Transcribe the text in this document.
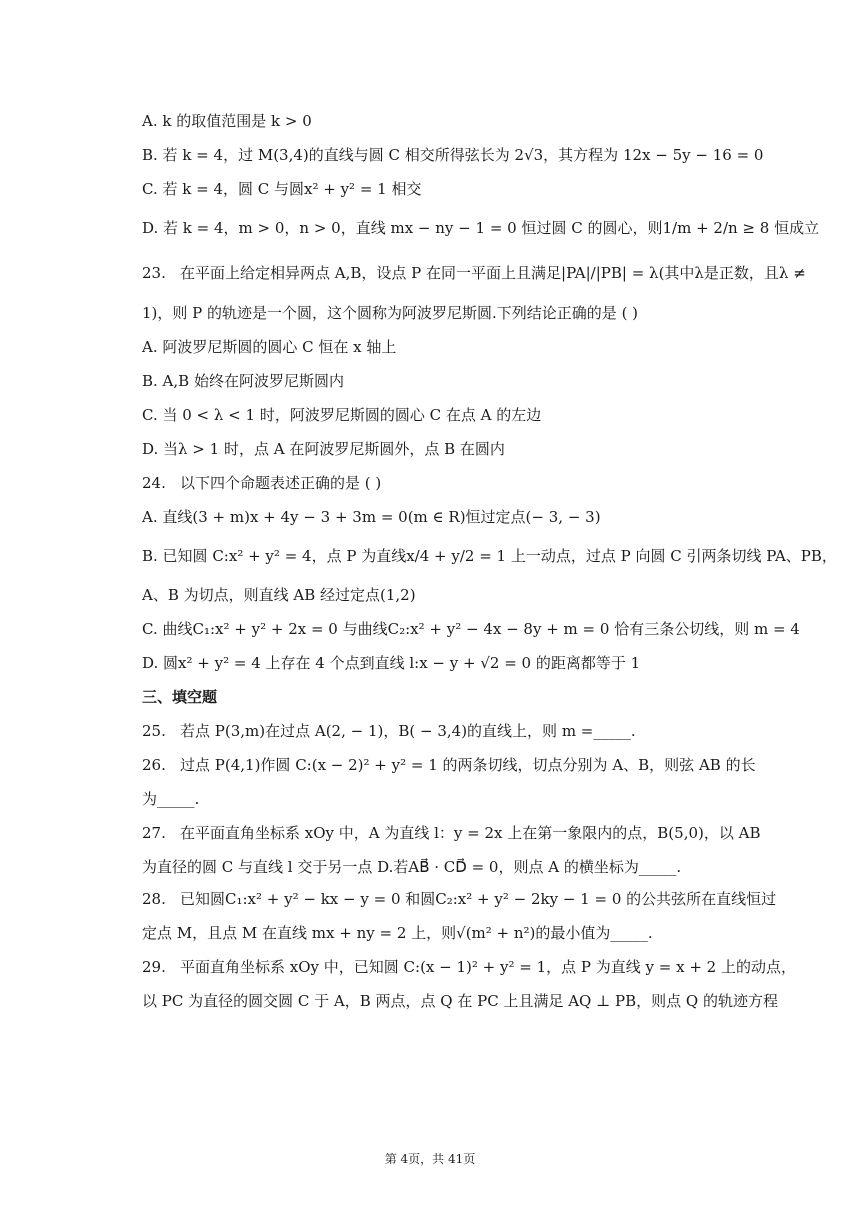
A. k 的取值范围是 k > 0
B. 若 k = 4，过 M(3,4)的直线与圆 C 相交所得弦长为 2√3，其方程为 12x − 5y − 16 = 0
C. 若 k = 4，圆 C 与圆x² + y² = 1 相交
D. 若 k = 4，m > 0，n > 0，直线 mx − ny − 1 = 0 恒过圆 C 的圆心，则1/m + 2/n ≥ 8 恒成立
23. 在平面上给定相异两点 A,B，设点 P 在同一平面上且满足|PA|/|PB| = λ(其中λ是正数，且λ ≠
1)，则 P 的轨迹是一个圆，这个圆称为阿波罗尼斯圆.下列结论正确的是 ( )
A. 阿波罗尼斯圆的圆心 C 恒在 x 轴上
B. A,B 始终在阿波罗尼斯圆内
C. 当 0 < λ < 1 时，阿波罗尼斯圆的圆心 C 在点 A 的左边
D. 当λ > 1 时，点 A 在阿波罗尼斯圆外，点 B 在圆内
24. 以下四个命题表述正确的是 ( )
A. 直线(3 + m)x + 4y − 3 + 3m = 0(m ∈ R)恒过定点(− 3, − 3)
B. 已知圆 C:x² + y² = 4，点 P 为直线x/4 + y/2 = 1 上一动点，过点 P 向圆 C 引两条切线 PA、PB，
A、B 为切点，则直线 AB 经过定点(1,2)
C. 曲线C₁:x² + y² + 2x = 0 与曲线C₂:x² + y² − 4x − 8y + m = 0 恰有三条公切线，则 m = 4
D. 圆x² + y² = 4 上存在 4 个点到直线 l:x − y + √2 = 0 的距离都等于 1
三、填空题
25. 若点 P(3,m)在过点 A(2, − 1)，B( − 3,4)的直线上，则 m =_____.
26. 过点 P(4,1)作圆 C:(x − 2)² + y² = 1 的两条切线，切点分别为 A、B，则弦 AB 的长
为_____.
27. 在平面直角坐标系 xOy 中，A 为直线 l：y = 2x 上在第一象限内的点，B(5,0)，以 AB
为直径的圆 C 与直线 l 交于另一点 D.若AB⃗ · CD⃗ = 0，则点 A 的横坐标为_____.
28. 已知圆C₁:x² + y² − kx − y = 0 和圆C₂:x² + y² − 2ky − 1 = 0 的公共弦所在直线恒过
定点 M，且点 M 在直线 mx + ny = 2 上，则√(m² + n²)的最小值为_____.
29. 平面直角坐标系 xOy 中，已知圆 C:(x − 1)² + y² = 1，点 P 为直线 y = x + 2 上的动点，
以 PC 为直径的圆交圆 C 于 A，B 两点，点 Q 在 PC 上且满足 AQ ⊥ PB，则点 Q 的轨迹方程
第 4页，共 41页
